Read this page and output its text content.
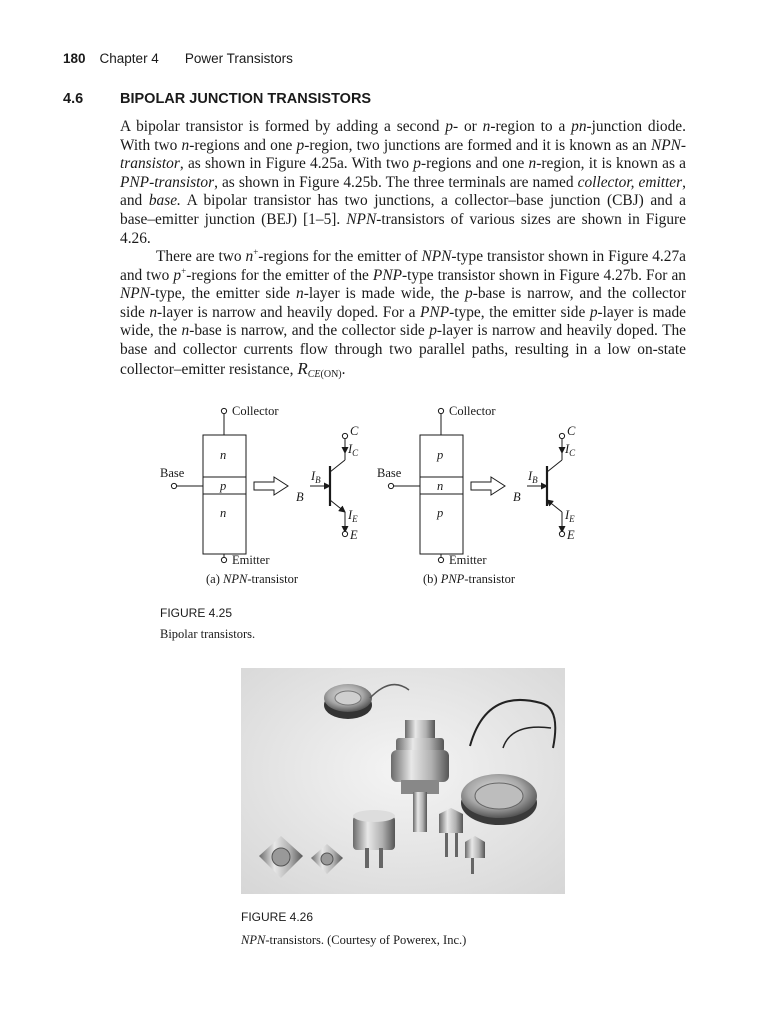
180 Chapter 4 Power Transistors
4.6	BIPOLAR JUNCTION TRANSISTORS
A bipolar transistor is formed by adding a second p- or n-region to a pn-junction diode. With two n-regions and one p-region, two junctions are formed and it is known as an NPN-transistor, as shown in Figure 4.25a. With two p-regions and one n-region, it is known as a PNP-transistor, as shown in Figure 4.25b. The three terminals are named collector, emitter, and base. A bipolar transistor has two junctions, a collector–base junction (CBJ) and a base–emitter junction (BEJ) [1–5]. NPN-transistors of various sizes are shown in Figure 4.26.
There are two n+-regions for the emitter of NPN-type transistor shown in Figure 4.27a and two p+-regions for the emitter of the PNP-type transistor shown in Figure 4.27b. For an NPN-type, the emitter side n-layer is made wide, the p-base is narrow, and the collector side n-layer is narrow and heavily doped. For a PNP-type, the emitter side p-layer is made wide, the n-base is narrow, and the collector side p-layer is narrow and heavily doped. The base and collector currents flow through two parallel paths, resulting in a low on-state collector–emitter resistance, $R_{CE(ON)}$.
Collector
n
p
n
Base
Emitter
C
$I_C$
$I_B$
B
$I_E$
E
(a) NPN-transistor
Collector
p
n
p
Base
Emitter
C
$I_C$
$I_B$
B
$I_E$
E
(b) PNP-transistor
FIGURE 4.25
Bipolar transistors.
FIGURE 4.26
NPN-transistors. (Courtesy of Powerex, Inc.)
